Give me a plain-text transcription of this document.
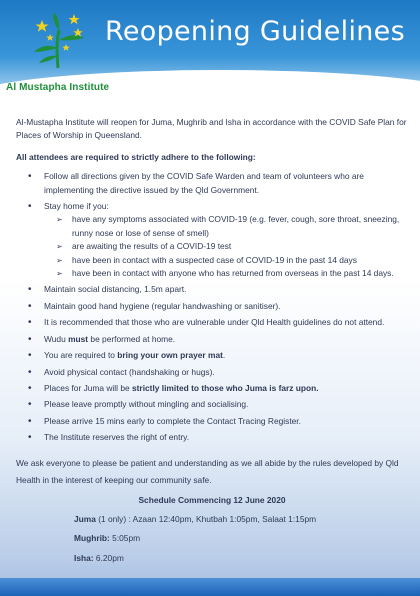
Reopening Guidelines
Al Mustapha Institute

Al-Mustapha Institute will reopen for Juma, Mughrib and Isha in accordance with the COVID Safe Plan for Places of Worship in Queensland.

All attendees are required to strictly adhere to the following:

• Follow all directions given by the COVID Safe Warden and team of volunteers who are implementing the directive issued by the Qld Government.
• Stay home if you:
➢ have any symptoms associated with COVID-19 (e.g. fever, cough, sore throat, sneezing, runny nose or lose of sense of smell)
➢ are awaiting the results of a COVID-19 test
➢ have been in contact with a suspected case of COVID-19 in the past 14 days
➢ have been in contact with anyone who has returned from overseas in the past 14 days.
• Maintain social distancing, 1.5m apart.
• Maintain good hand hygiene (regular handwashing or sanitiser).
• It is recommended that those who are vulnerable under Qld Health guidelines do not attend.
• Wudu must be performed at home.
• You are required to bring your own prayer mat.
• Avoid physical contact (handshaking or hugs).
• Places for Juma will be strictly limited to those who Juma is farz upon.
• Please leave promptly without mingling and socialising.
• Please arrive 15 mins early to complete the Contact Tracing Register.
• The Institute reserves the right of entry.

We ask everyone to please be patient and understanding as we all abide by the rules developed by Qld Health in the interest of keeping our community safe.

Schedule Commencing 12 June 2020

Juma (1 only) : Azaan 12:40pm, Khutbah 1:05pm, Salaat 1:15pm

Mughrib: 5:05pm

Isha: 6.20pm
